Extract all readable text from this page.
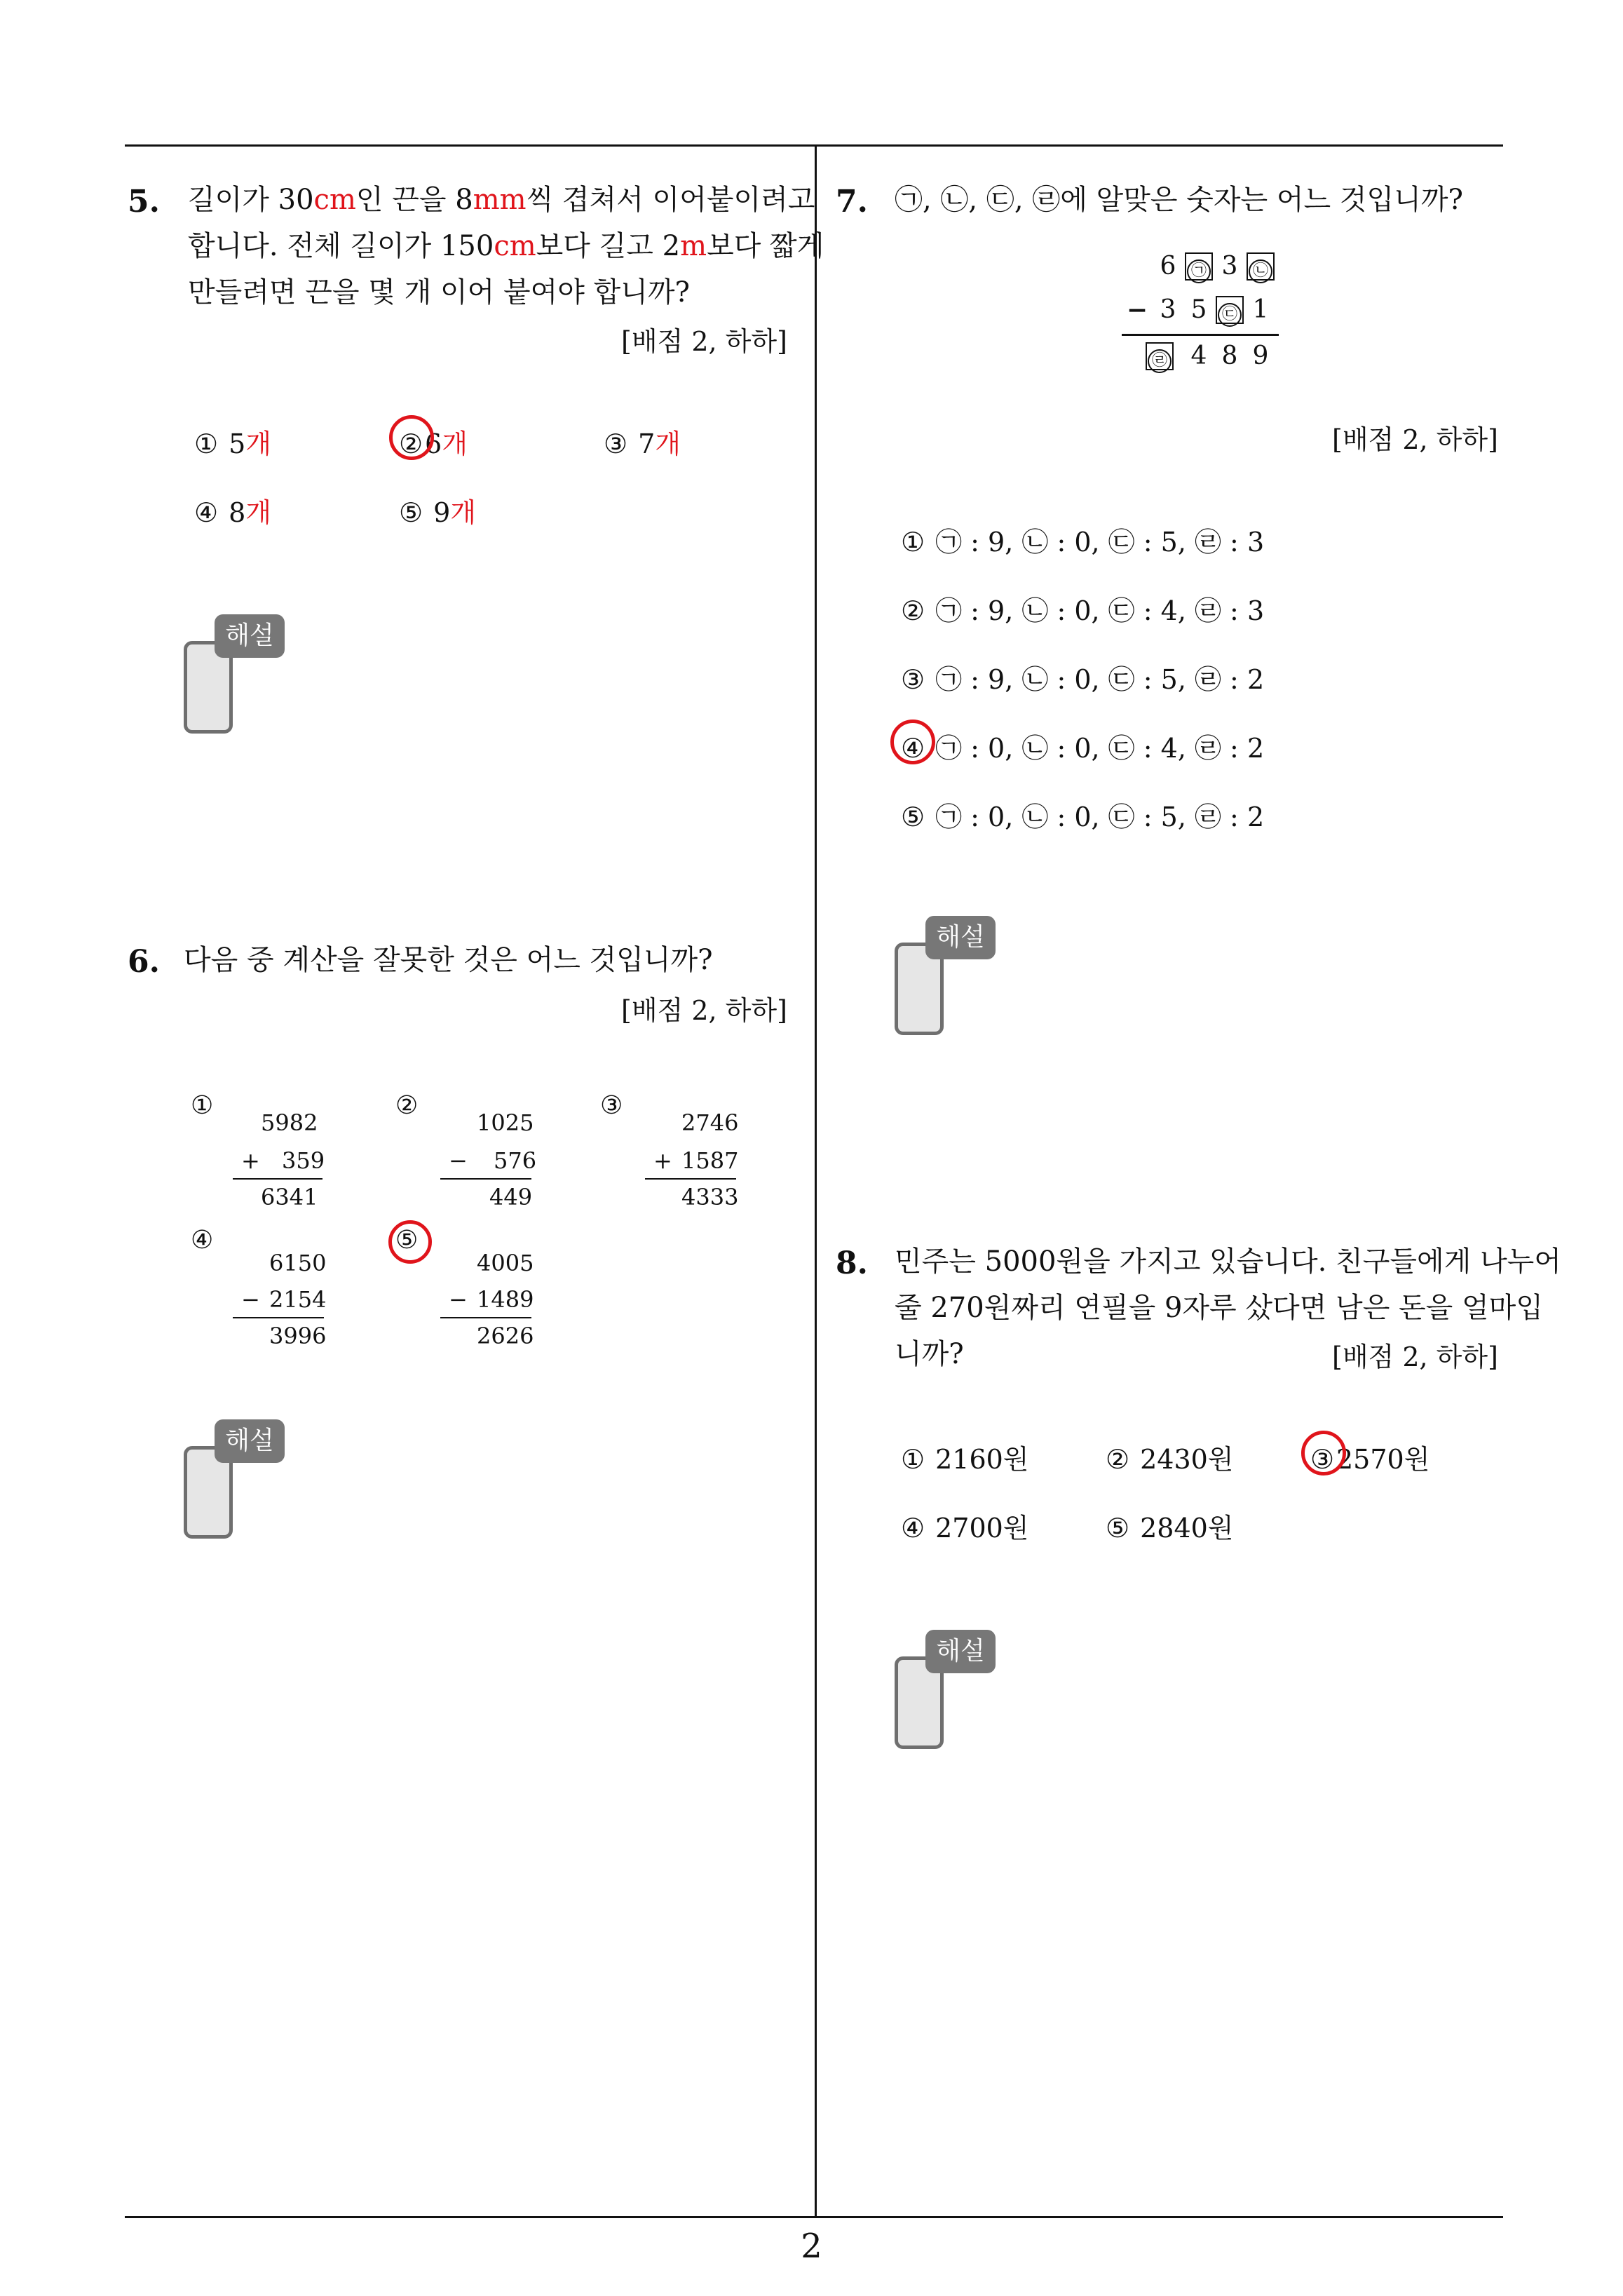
5. 길이가 30cm인 끈을 8mm씩 겹쳐서 이어붙이려고
합니다. 전체 길이가 150cm보다 길고 2m보다 짧게
만들려면 끈을 몇 개 이어 붙여야 합니까?
[배점 2, 하하]
① 5개	②6개	③ 7개
④ 8개	⑤ 9개
해설
6. 다음 중 계산을 잘못한 것은 어느 것입니까?
[배점 2, 하하]
①
5982
+ 359
6341
②
1025
− 576
449
③
2746
+ 1587
4333
④
6150
− 2154
3996
⑤
4005
− 1489
2626
해설
7. ㉠, ㉡, ㉢, ㉣에 알맞은 숫자는 어느 것입니까?
6 ㉠ 3 ㉡
− 3 5 ㉢ 1
㉣ 4 8 9
[배점 2, 하하]
① ㉠ : 9, ㉡ : 0, ㉢ : 5, ㉣ : 3
② ㉠ : 9, ㉡ : 0, ㉢ : 4, ㉣ : 3
③ ㉠ : 9, ㉡ : 0, ㉢ : 5, ㉣ : 2
④ ㉠ : 0, ㉡ : 0, ㉢ : 4, ㉣ : 2
⑤ ㉠ : 0, ㉡ : 0, ㉢ : 5, ㉣ : 2
해설
8. 민주는 5000원을 가지고 있습니다. 친구들에게 나누어
줄 270원짜리 연필을 9자루 샀다면 남은 돈을 얼마입
니까?	[배점 2, 하하]
① 2160원	② 2430원	③2570원
④ 2700원	⑤ 2840원
해설
2
